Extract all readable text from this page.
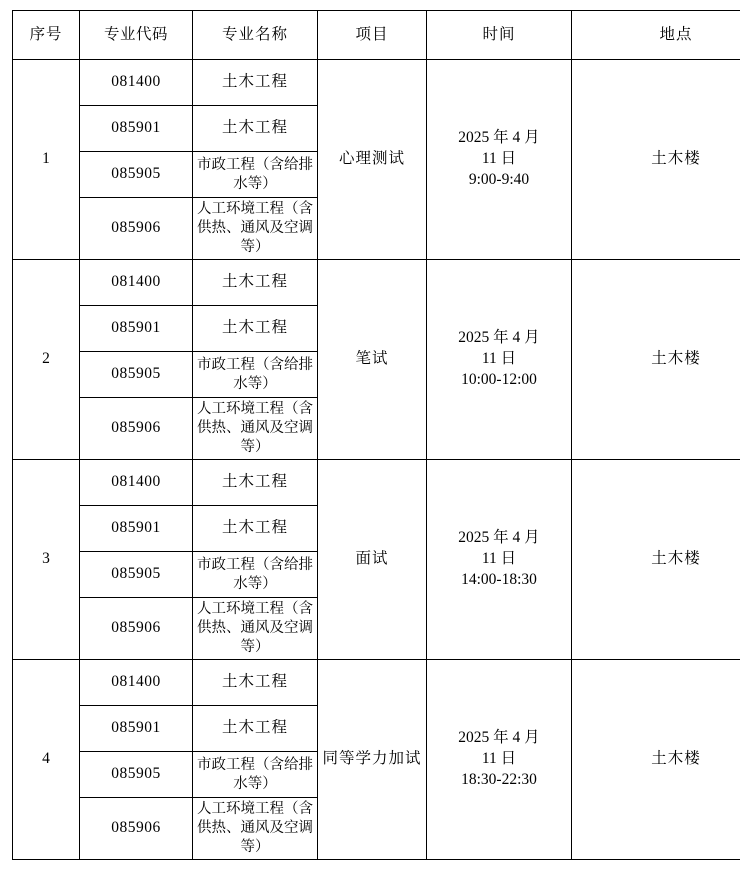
序号	专业代码	专业名称	项目	时间	地点
1	081400	土木工程	心理测试	2025 年 4 月
11 日
9:00-9:40	土木楼
	085901	土木工程			
	085905	市政工程（含给排水等）			
	085906	人工环境工程（含供热、通风及空调等）			
2	081400	土木工程	笔试	2025 年 4 月
11 日
10:00-12:00	土木楼
	085901	土木工程			
	085905	市政工程（含给排水等）			
	085906	人工环境工程（含供热、通风及空调等）			
3	081400	土木工程	面试	2025 年 4 月
11 日
14:00-18:30	土木楼
	085901	土木工程			
	085905	市政工程（含给排水等）			
	085906	人工环境工程（含供热、通风及空调等）			
4	081400	土木工程	同等学力加试	2025 年 4 月
11 日
18:30-22:30	土木楼
	085901	土木工程			
	085905	市政工程（含给排水等）			
	085906	人工环境工程（含供热、通风及空调等）			
